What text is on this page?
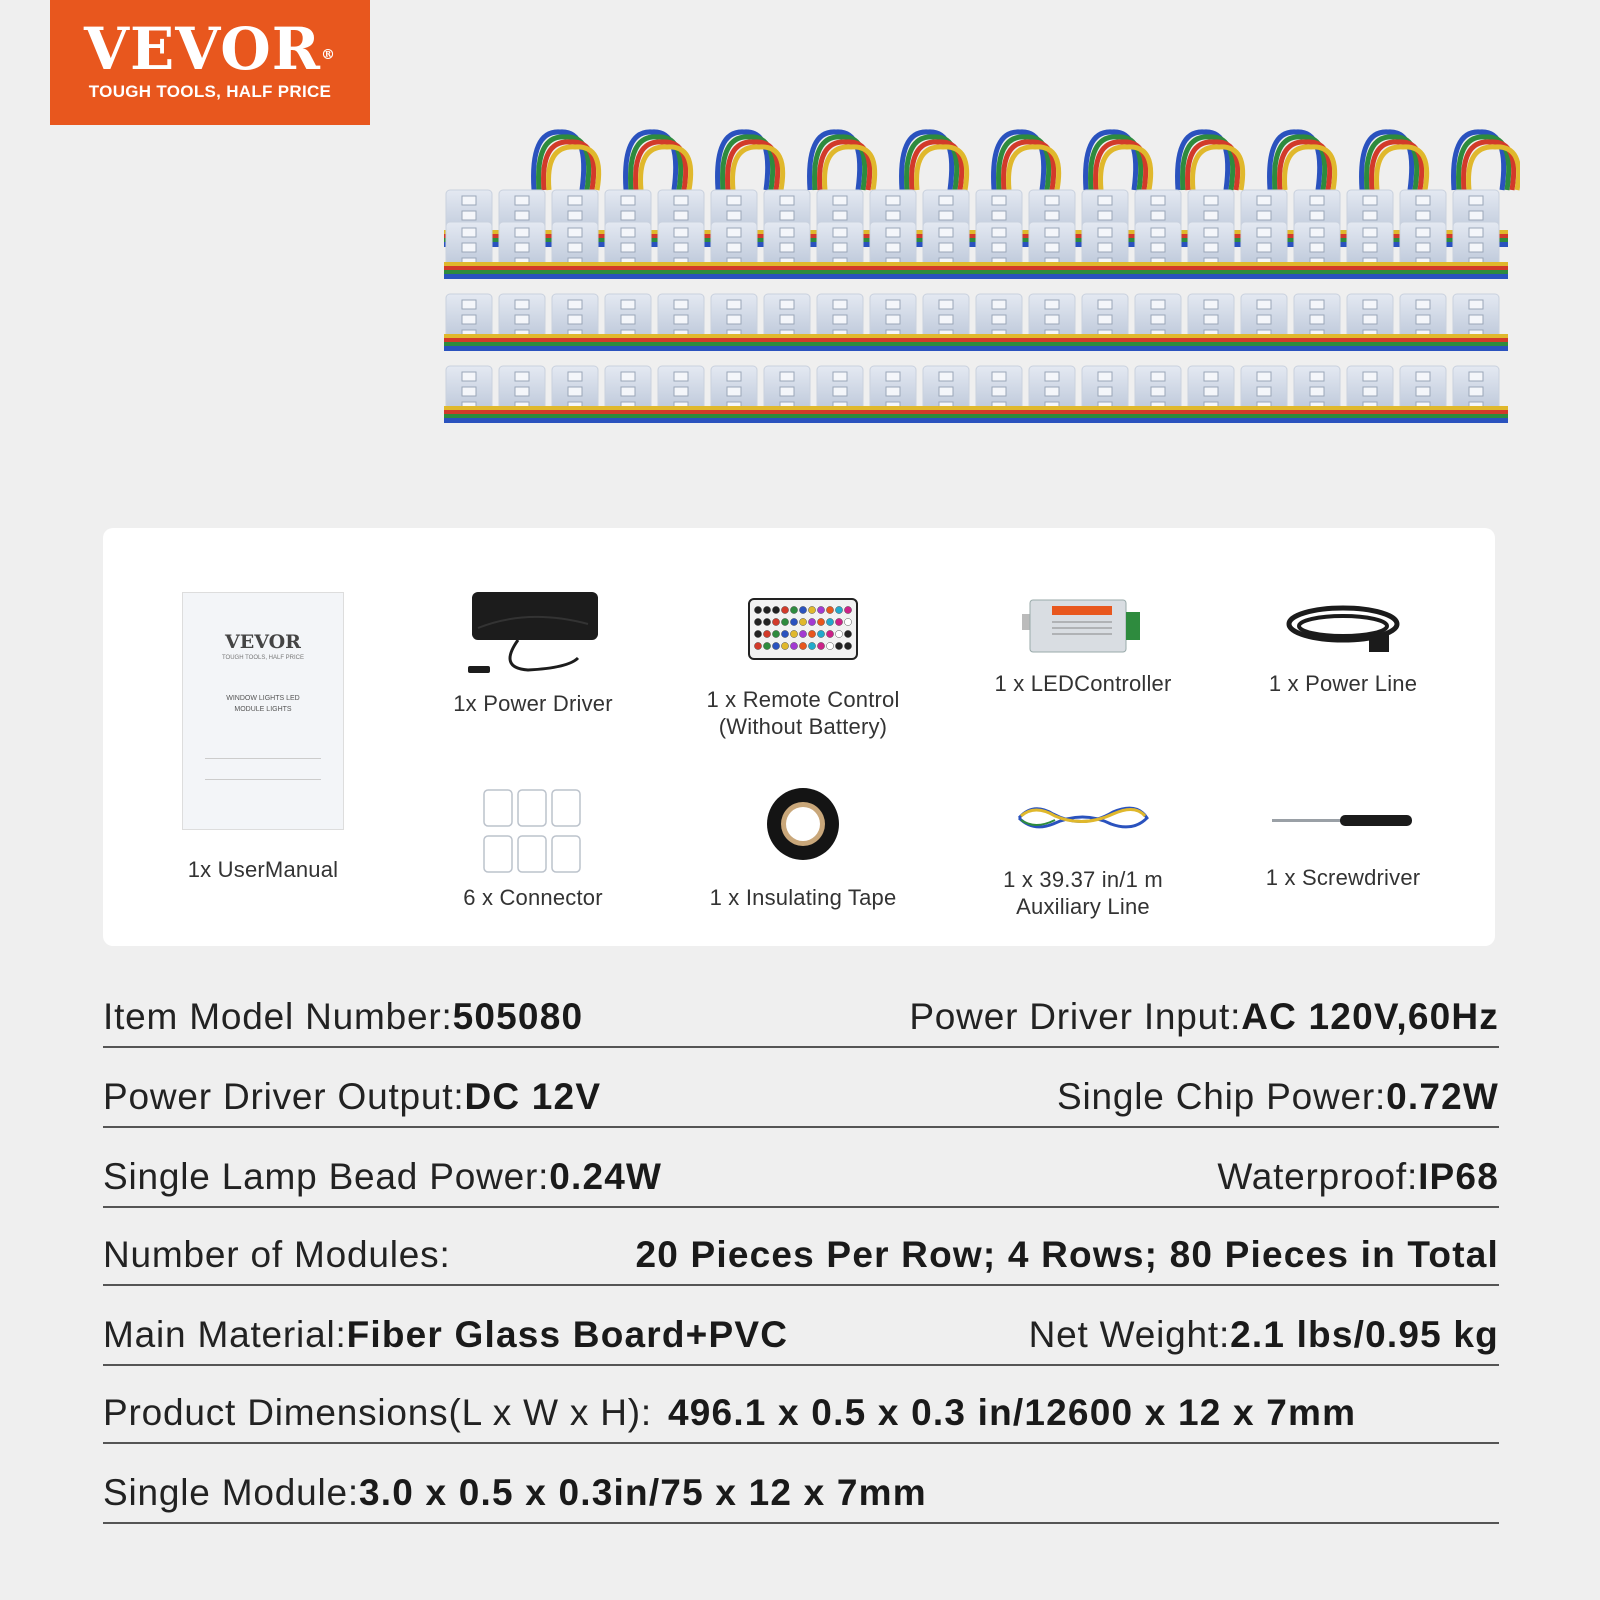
VEVOR®
TOUGH TOOLS, HALF PRICE
VEVOR
TOUGH TOOLS, HALF PRICE
WINDOW LIGHTS LED
MODULE LIGHTS
1x UserManual
1x Power Driver	1 x Remote Control
(Without Battery)
1 x LEDController	1 x Power Line
6 x Connector	1 x Insulating Tape
1 x 39.37 in/1 m
Auxiliary Line
1 x Screwdriver
Item Model Number:505080	Power Driver Input:AC 120V,60Hz
Power Driver Output:DC 12V	Single Chip Power:0.72W
Single Lamp Bead Power:0.24W	Waterproof:IP68
Number of Modules:	20 Pieces Per Row; 4 Rows; 80 Pieces in Total
Main Material:Fiber Glass Board+PVC	Net Weight:2.1 lbs/0.95 kg
Product Dimensions(L x W x H): 496.1 x 0.5 x 0.3 in/12600 x 12 x 7mm
Single Module:3.0 x 0.5 x 0.3in/75 x 12 x 7mm
